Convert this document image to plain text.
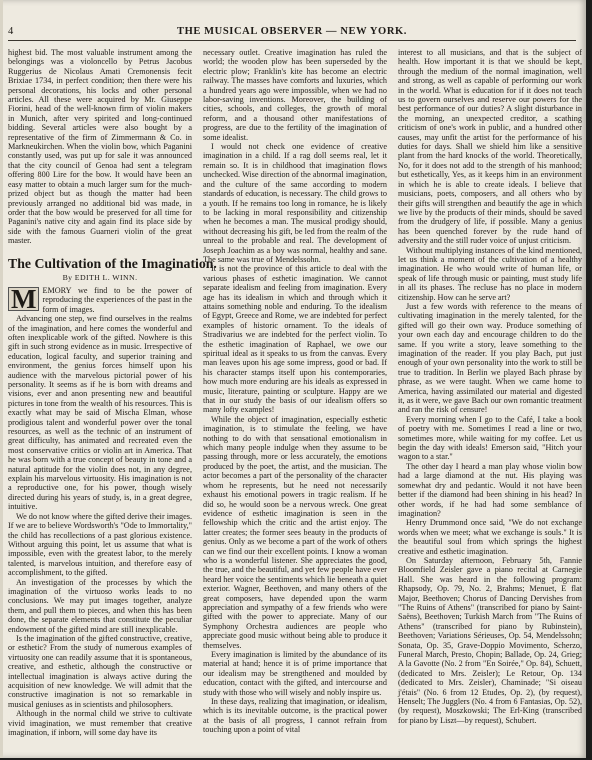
4	THE MUSICAL OBSERVER — NEW YORK.

highest bid. The most valuable instrument among the belongings was a violoncello by Petrus Jacobus Ruggerius de Nicolaus Amati Cremonensis fecit Brixiae 1734, in perfect condition; then there were his personal decorations, his locks and other personal articles. All these were acquired by Mr. Giuseppe Fiorini, head of the well-known firm of violin makers in Munich, after very spirited and long-continued bidding. Several articles were also bought by a representative of the firm of Zimmermann & Co. in Markneukirchen. When the violin bow, which Paganini constantly used, was put up for sale it was announced that the city council of Genoa had sent a telegram offering 800 Lire for the bow. It would have been an easy matter to obtain a much larger sum for the much-prized object but as though the matter had been previously arranged no additional bid was made, in order that the bow would be preserved for all time for Paganini's native city and again find its place side by side with the famous Guarneri violin of the great master.

The Cultivation of the Imagination.
By EDITH L. WINN.

M EMORY we find to be the power of reproducing the experiences of the past in the form of images.

Advancing one step, we find ourselves in the realms of the imagination, and here comes the wonderful and often inexplicable work of the gifted. Nowhere is this gift in such strong evidence as in music. Irrespective of education, logical faculty, and superior training and environment, the genius forces himself upon his audience with the marvelous pictorial power of his personality. It seems as if he is born with dreams and visions, ever and anon presenting new and beautiful pictures in tone from the wealth of his resources. This is exactly what may be said of Mischa Elman, whose prodigious talent and wonderful power over the tonal resources, as well as the technic of an instrument of great difficulty, has animated and recreated even the most conservative critics or violin art in America. That he was born with a true concept of beauty in tone and a natural aptitude for the violin does not, in any degree, explain his marvelous virtuosity. His imagination is not a reproductive one, for his power, though wisely directed during his years of study, is, in a great degree, intuitive.

We do not know where the gifted derive their images. If we are to believe Wordsworth's "Ode to Immortality," the child has recollections of a past glorious existence. Without arguing this point, let us assume that what is impossible, even with the greatest labor, to the merely talented, is marvelous intuition, and therefore easy of accomplishment, to the gifted.

An investigation of the processes by which the imagination of the virtuoso works leads to no conclusions. We may put images together, analyze them, and pull them to pieces, and when this has been done, the separate elements that constitute the peculiar endowment of the gifted mind are still inexplicable.

Is the imagination of the gifted constructive, creative, or esthetic? From the study of numerous examples of virtuosity one can readily assume that it is spontaneous, creative, and esthetic, although the constructive or intellectual imagination is always active during the acquisition of new knowledge. We will admit that the constructive imagination is not so remarkable in musical geniuses as in scientists and philosophers.

Although in the normal child we strive to cultivate vivid imagination, we must remember that creative imagination, if inborn, will some day have its

necessary outlet. Creative imagination has ruled the world; the wooden plow has been superseded by the electric plow; Franklin's kite has become an electric railway. The masses have comforts and luxuries, which a hundred years ago were impossible, when we had no labor-saving inventions. Moreover, the building of cities, schools, and colleges, the growth of moral reform, and a thousand other manifestations of progress, are due to the fertility of the imagination of some idealist.

I would not check one evidence of creative imagination in a child. If a rag doll seems real, let it remain so. It is in childhood that imagination flows unchecked. Wise direction of the abnormal imagination, and the culture of the same according to modern standards of education, is necessary. The child grows to a youth. If he remains too long in romance, he is likely to be lacking in moral responsibility and citizenship when he becomes a man. The musical prodigy should, without decreasing his gift, be led from the realm of the unreal to the probable and real. The development of Joseph Joachim as a boy was normal, healthy and sane. The same was true of Mendelssohn.

It is not the province of this article to deal with the various phases of esthetic imagination. We cannot separate idealism and feeling from imagination. Every age has its idealism in which and through which it attains something noble and enduring. To the idealism of Egypt, Greece and Rome, we are indebted for perfect examples of historic ornament. To the ideals of Stradivarius we are indebted for the perfect violin. To the esthetic imagination of Raphael, we owe our spiritual ideal as it speaks to us from the canvas. Every man leaves upon his age some impress, good or bad. If his character stamps itself upon his contemporaries, how much more enduring are his ideals as expressed in music, literature, painting or sculpture. Happy are we that in our study the basis of our idealism offers so many lofty examples!

While the object of imagination, especially esthetic imagination, is to stimulate the feeling, we have nothing to do with that sensational emotionalism in which many people indulge when they assume to be passing through, more or less accurately, the emotions produced by the poet, the artist, and the musician. The actor becomes a part of the personality of the character whom he represents, but he need not necessarily exhaust his emotional powers in tragic realism. If he did so, he would soon be a nervous wreck. One great evidence of esthetic imagination is seen in the fellowship which the critic and the artist enjoy. The latter creates; the former sees beauty in the products of genius. Only as we become a part of the work of others can we find our their excellent points. I know a woman who is a wonderful listener. She appreciates the good, the true, and the beautiful, and yet few people have ever heard her voice the sentiments which lie beneath a quiet exterior. Wagner, Beethoven, and many others of the great composers, have depended upon the warm appreciation and sympathy of a few friends who were gifted with the power to appreciate. Many of our Symphony Orchestra audiences are people who appreciate good music without being able to produce it themselves.

Every imagination is limited by the abundance of its material at hand; hence it is of prime importance that our idealism may be strengthened and moulded by education, contact with the gifted, and intercourse and study with those who will wisely and nobly inspire us.

In these days, realizing that imagination, or idealism, which is its inevitable outcome, is the practical power at the basis of all progress, I cannot refrain from touching upon a point of vital

interest to all musicians, and that is the subject of health. How important it is that we should be kept, through the medium of the normal imagination, well and strong, as well as capable of performing our work in the world. What is education for if it does not teach us to govern ourselves and reserve our powers for the best performance of our duties? A slight disturbance in the morning, an unexpected creditor, a scathing criticism of one's work in public, and a hundred other causes, may unfit the artist for the performance of his duties for days. Shall we shield him like a sensitive plant from the hard knocks of the world. Theoretically, No, for it does not add to the strength of his manhood; but esthetically, Yes, as it keeps him in an environment in which he is able to create ideals. I believe that musicians, poets, composers, and all others who by their gifts will strengthen and beautify the age in which we live by the products of their minds, should be saved from the drudgery of life, if possible. Many a genius has been quenched forever by the rude hand of adversity and the still ruder voice of unjust criticism.

Without multiplying instances of the kind mentioned, let us think a moment of the cultivation of a healthy imagination. He who would write of human life, or speak of life through music or painting, must study life in all its phases. The recluse has no place in modern citizenship. How can he serve art?

Just a few words with reference to the means of cultivating imagination in the merely talented, for the gifted will go their own way. Produce something of your own each day and encourage children to do the same. If you write a story, leave something to the imagination of the reader. If you play Bach, put just enough of your own personality into the work to still be true to tradition. In Berlin we played Bach phrase by phrase, as we were taught. When we came home to America, having assimilated our material and digested it, as it were, we gave Bach our own romantic treatment and ran the risk of censure!

Every morning when I go to the Café, I take a book of poetry with me. Sometimes I read a line or two, sometimes more, while waiting for my coffee. Let us begin the day with ideals! Emerson said, "Hitch your wagon to a star."

The other day I heard a man play whose violin bow had a large diamond at the nut. His playing was somewhat dry and pedantic. Would it not have been better if the diamond had been shining in his head? In other words, if he had had some semblance of imagination?

Henry Drummond once said, "We do not exchange words when we meet; what we exchange is souls." It is the beautiful soul from which springs the highest creative and esthetic imagination.

On Saturday afternoon, February 5th, Fannie Bloomfield Zeisler gave a piano recital at Carnegie Hall. She was heard in the following program: Rhapsody, Op. 79, No. 2, Brahms; Menuet, E flat Major, Beethoven; Chorus of Dancing Dervishes from "The Ruins of Athens" (transcribed for piano by Saint-Saëns), Beethoven; Turkish March from "The Ruins of Athens" (transcribed for piano by Rubinstein), Beethoven; Variations Sérieuses, Op. 54, Mendelssohn; Sonata, Op. 35, Grave-Doppio Movimento, Scherzo, Funeral March, Presto, Chopin; Ballade, Op. 24, Grieg; A la Gavotte (No. 2 from "En Soirée," Op. 84), Schuett, (dedicated to Mrs. Zeisler); Le Retour, Op. 134 (dedicated to Mrs. Zeisler), Chaminade; "Si oiseau j'étais" (No. 6 from 12 Etudes, Op. 2), (by request), Henselt; The Jugglers (No. 4 from 6 Fantasias, Op. 52), (by request), Moszkowski; The Erl-King (transcribed for piano by Liszt—by request), Schubert.
